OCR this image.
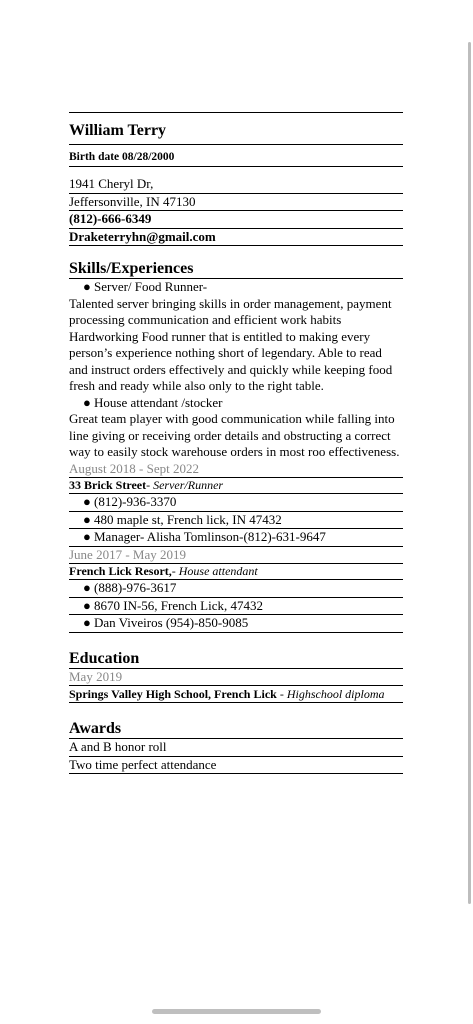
William Terry
Birth date 08/28/2000
1941 Cheryl Dr,
Jeffersonville, IN 47130
(812)-666-6349
Draketerryhn@gmail.com
Skills/Experiences
● Server/ Food Runner-
Talented server bringing skills in order management, payment processing communication and efficient work habits
Hardworking Food runner that is entitled to making every person’s experience nothing short of legendary. Able to read and instruct orders effectively and quickly while keeping food fresh and ready while also only to the right table.
● House attendant /stocker
Great team player with good communication while falling into line giving or receiving order details and obstructing a correct way to easily stock warehouse orders in most roo effectiveness.
August 2018 - Sept 2022
33 Brick Street- Server/Runner
● (812)-936-3370
● 480 maple st, French lick, IN 47432
● Manager- Alisha Tomlinson-(812)-631-9647
June 2017 - May 2019
French Lick Resort,- House attendant
● (888)-976-3617
● 8670 IN-56, French Lick, 47432
● Dan Viveiros (954)-850-9085
Education
May 2019
Springs Valley High School, French Lick - Highschool diploma
Awards
A and B honor roll
Two time perfect attendance
